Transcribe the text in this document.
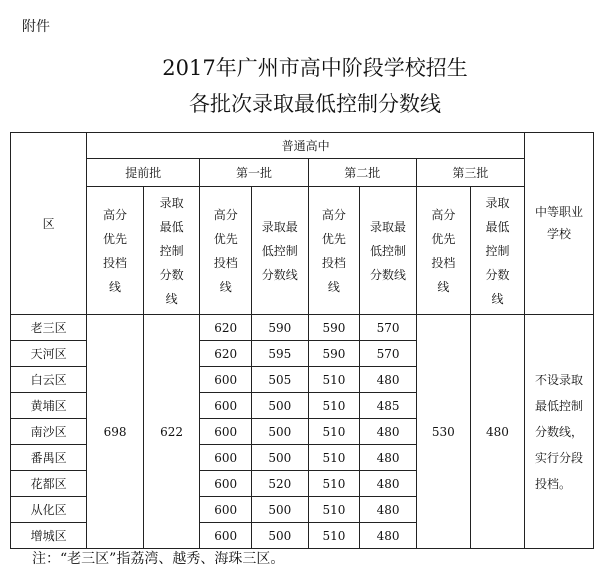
附件
2017年广州市高中阶段学校招生
各批次录取最低控制分数线
区	普通高中								中等职业学校
	提前批		第一批		第二批		第三批		
	高分优先投档线	录取最低控制分数线	高分优先投档线	录取最低控制分数线	高分优先投档线	录取最低控制分数线	高分优先投档线	录取最低控制分数线	
老三区	698	622	620	590	590	570	530	480	不设录取最低控制分数线，实行分段投档。
天河区			620	595	590	570			
白云区			600	505	510	480			
黄埔区			600	500	510	485			
南沙区			600	500	510	480			
番禺区			600	500	510	480			
花都区			600	520	510	480			
从化区			600	500	510	480			
增城区			600	500	510	480			
注：“老三区”指荔湾、越秀、海珠三区。
